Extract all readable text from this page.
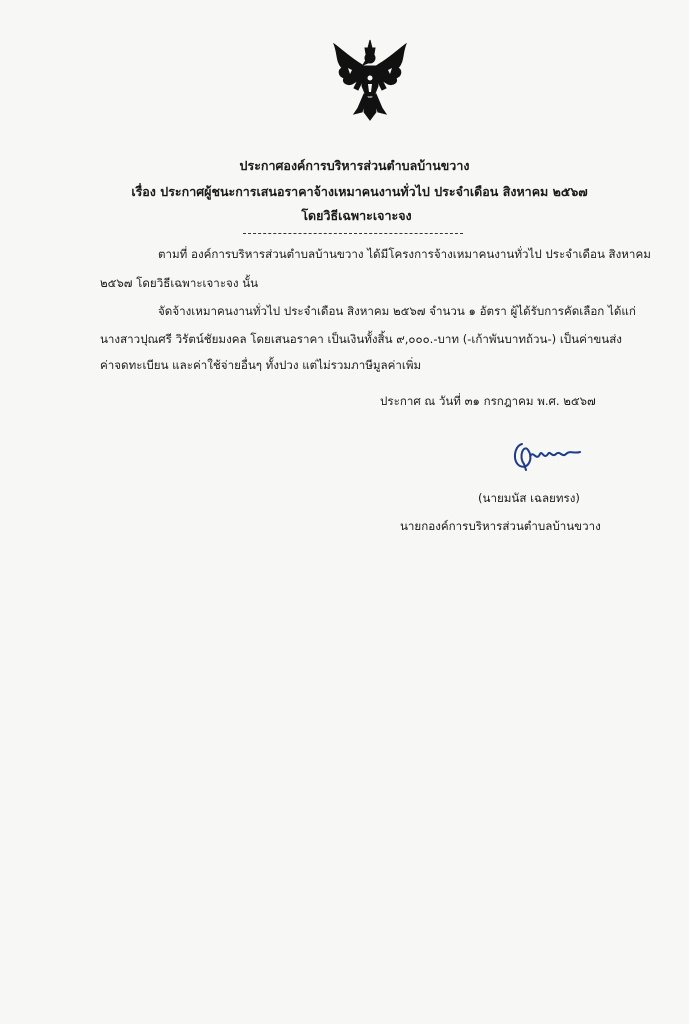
ประกาศองค์การบริหารส่วนตำบลบ้านขวาง
เรื่อง ประกาศผู้ชนะการเสนอราคาจ้างเหมาคนงานทั่วไป ประจำเดือน สิงหาคม ๒๕๖๗
โดยวิธีเฉพาะเจาะจง
ตามที่ องค์การบริหารส่วนตำบลบ้านขวาง ได้มีโครงการจ้างเหมาคนงานทั่วไป ประจำเดือน สิงหาคม
๒๕๖๗ โดยวิธีเฉพาะเจาะจง นั้น
จัดจ้างเหมาคนงานทั่วไป ประจำเดือน สิงหาคม ๒๕๖๗ จำนวน ๑ อัตรา ผู้ได้รับการคัดเลือก ได้แก่
นางสาวปุณศรี วิรัตน์ชัยมงคล โดยเสนอราคา เป็นเงินทั้งสิ้น ๙,๐๐๐.-บาท (-เก้าพันบาทถ้วน-) เป็นค่าขนส่ง
ค่าจดทะเบียน และค่าใช้จ่ายอื่นๆ ทั้งปวง แต่ไม่รวมภาษีมูลค่าเพิ่ม
ประกาศ ณ วันที่ ๓๑ กรกฎาคม พ.ศ. ๒๕๖๗
(นายมนัส เฉลยทรง)
นายกองค์การบริหารส่วนตำบลบ้านขวาง
